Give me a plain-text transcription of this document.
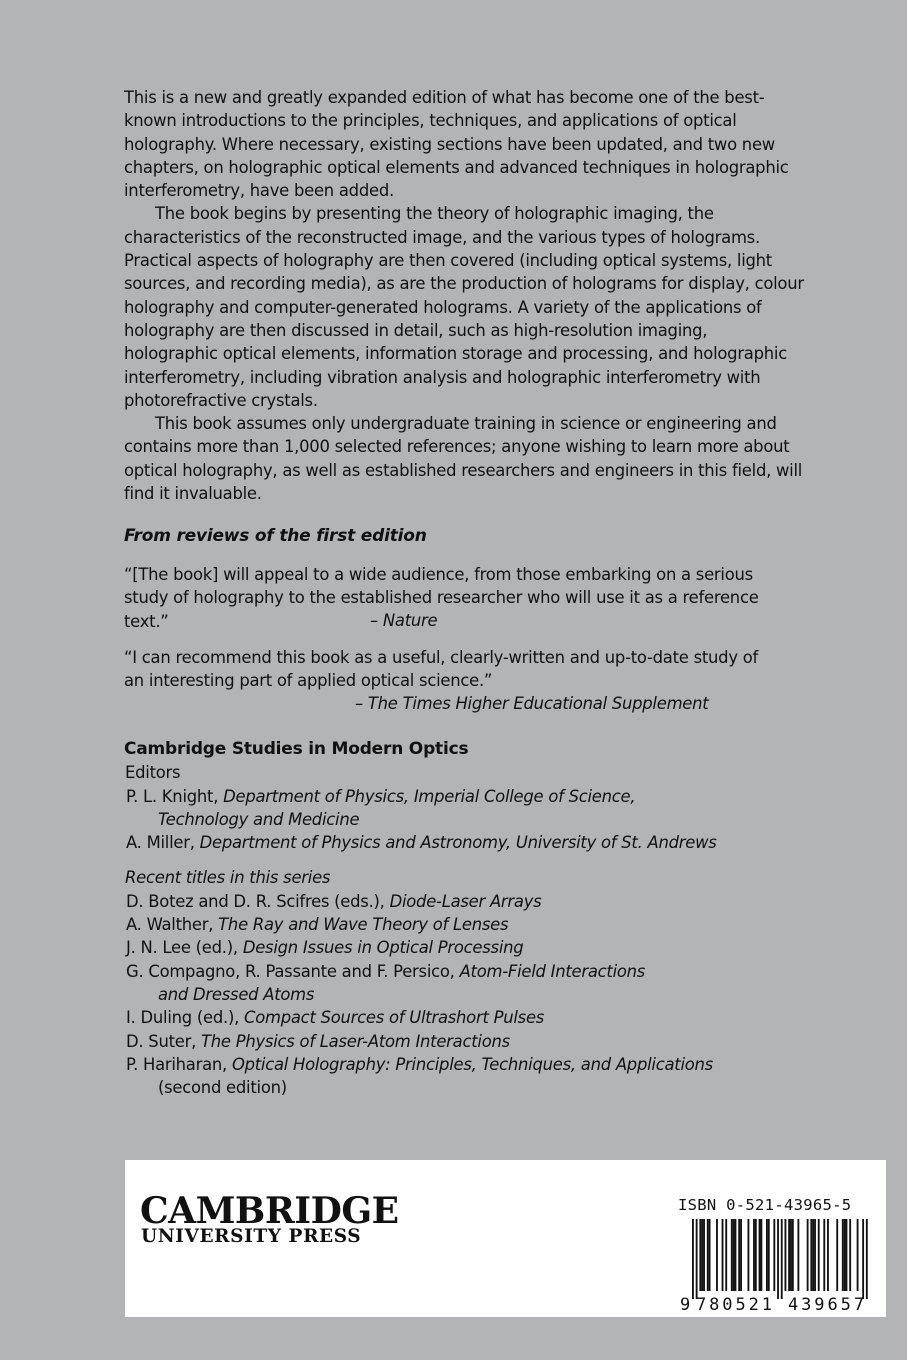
This is a new and greatly expanded edition of what has become one of the best-known introductions to the principles, techniques, and applications of optical holography. Where necessary, existing sections have been updated, and two new chapters, on holographic optical elements and advanced techniques in holographic interferometry, have been added.

The book begins by presenting the theory of holographic imaging, the characteristics of the reconstructed image, and the various types of holograms. Practical aspects of holography are then covered (including optical systems, light sources, and recording media), as are the production of holograms for display, colour holography and computer-generated holograms. A variety of the applications of holography are then discussed in detail, such as high-resolution imaging, holographic optical elements, information storage and processing, and holographic interferometry, including vibration analysis and holographic interferometry with photorefractive crystals.

This book assumes only undergraduate training in science or engineering and contains more than 1,000 selected references; anyone wishing to learn more about optical holography, as well as established researchers and engineers in this field, will find it invaluable.

From reviews of the first edition

“[The book] will appeal to a wide audience, from those embarking on a serious study of holography to the established researcher who will use it as a reference text.”	– Nature

“I can recommend this book as a useful, clearly-written and up-to-date study of an interesting part of applied optical science.”

– The Times Higher Educational Supplement
Cambridge Studies in Modern Optics
Editors
P. L. Knight, Department of Physics, Imperial College of Science,
Technology and Medicine
A. Miller, Department of Physics and Astronomy, University of St. Andrews
Recent titles in this series
D. Botez and D. R. Scifres (eds.), Diode-Laser Arrays
A. Walther, The Ray and Wave Theory of Lenses
J. N. Lee (ed.), Design Issues in Optical Processing
G. Compagno, R. Passante and F. Persico, Atom-Field Interactions
and Dressed Atoms
I. Duling (ed.), Compact Sources of Ultrashort Pulses
D. Suter, The Physics of Laser-Atom Interactions
P. Hariharan, Optical Holography: Principles, Techniques, and Applications
(second edition)
CAMBRIDGE
UNIVERSITY PRESS
ISBN 0-521-43965-5
9 780521 439657
